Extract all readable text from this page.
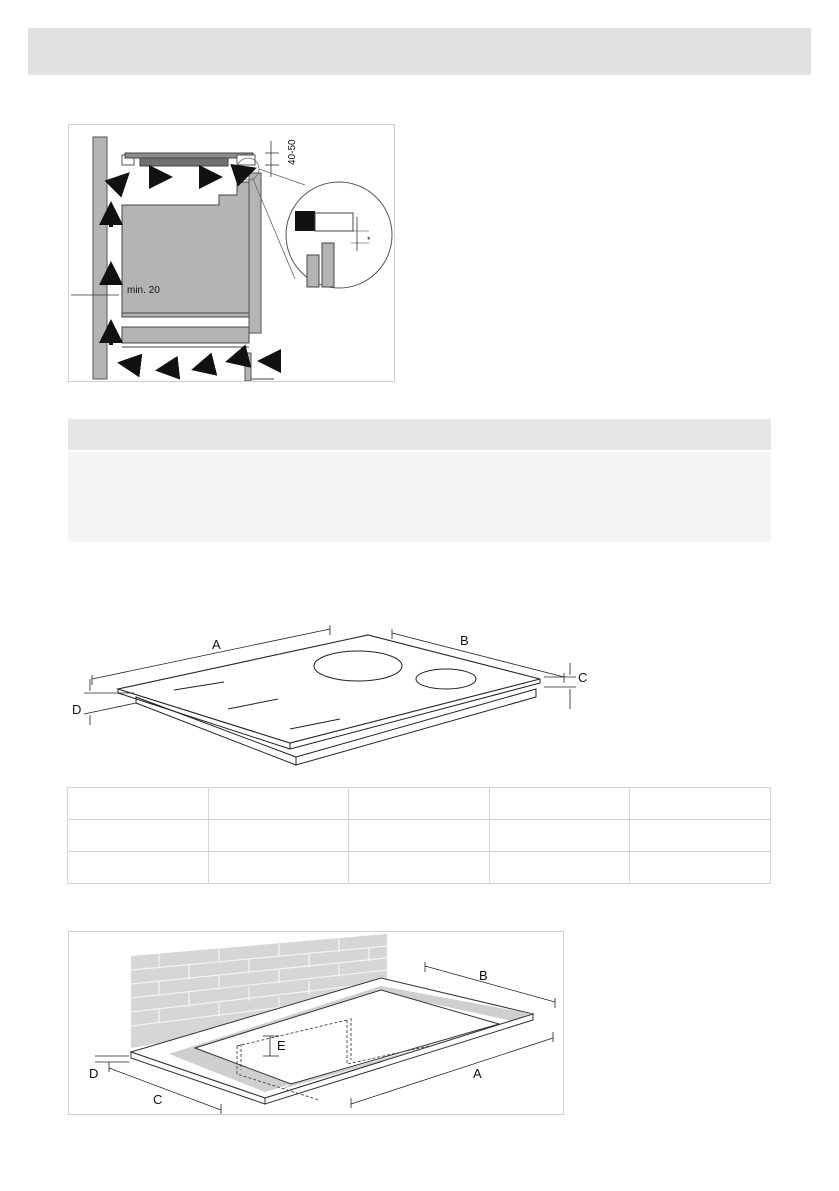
40-50
min. 20
*
A	B
C
D

A
B
C
D
E
